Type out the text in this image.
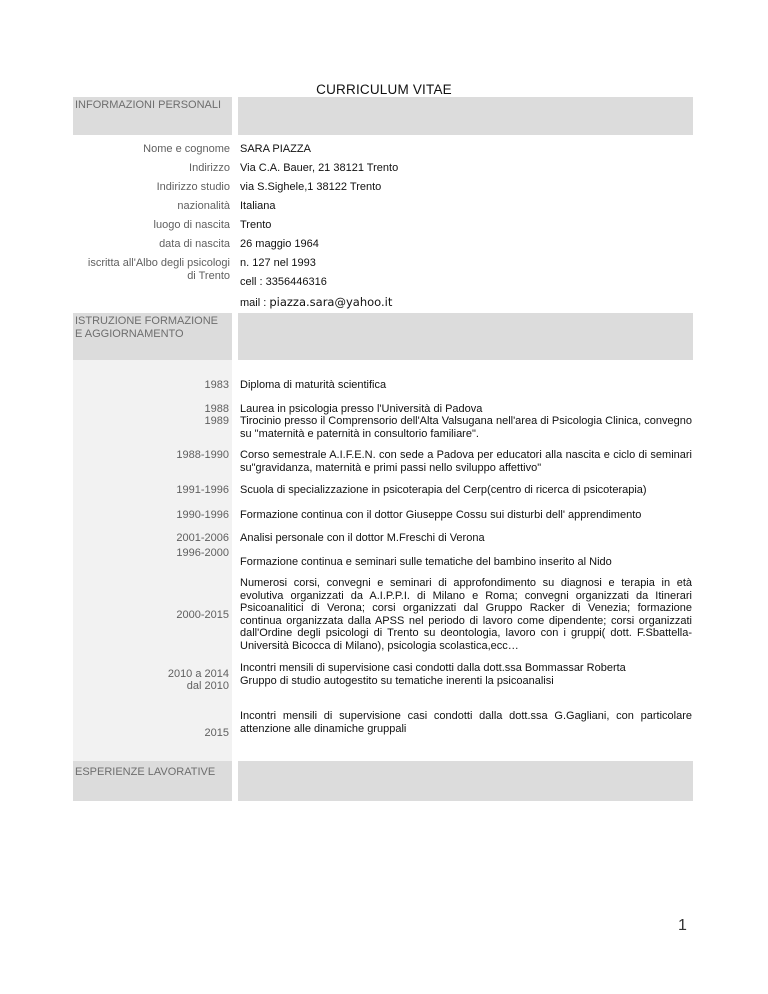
CURRICULUM VITAE
INFORMAZIONI PERSONALI
Nome e cognome SARA PIAZZA
Indirizzo Via C.A. Bauer, 21 38121 Trento
Indirizzo studio via S.Sighele,1 38122 Trento
nazionalità Italiana
luogo di nascita Trento
data di nascita 26 maggio 1964
iscritta all'Albo degli psicologi
di Trento
n. 127 nel 1993
cell : 3356446316
mail : piazza.sara@yahoo.it
ISTRUZIONE FORMAZIONE E AGGIORNAMENTO
1983 Diploma di maturità scientifica
1988 Laurea in psicologia presso l'Università di Padova
1989 Tirocinio presso il Comprensorio dell'Alta Valsugana nell'area di Psicologia Clinica, convegno su "maternità e paternità in consultorio familiare".
1988-1990 Corso semestrale A.I.F.E.N. con sede a Padova per educatori alla nascita e ciclo di seminari su"gravidanza, maternità e primi passi nello sviluppo affettivo"
1991-1996 Scuola di specializzazione in psicoterapia del Cerp(centro di ricerca di psicoterapia)
1990-1996 Formazione continua con il dottor Giuseppe Cossu sui disturbi dell' apprendimento
2001-2006 Analisi personale con il dottor M.Freschi di Verona
1996-2000
Formazione continua e seminari sulle tematiche del bambino inserito al Nido
2000-2015
Numerosi corsi, convegni e seminari di approfondimento su diagnosi e terapia in età evolutiva organizzati da A.I.P.P.I. di Milano e Roma; convegni organizzati da Itinerari Psicoanalitici di Verona; corsi organizzati dal Gruppo Racker di Venezia; formazione continua organizzata dalla APSS nel periodo di lavoro come dipendente; corsi organizzati dall'Ordine degli psicologi di Trento su deontologia, lavoro con i gruppi( dott. F.Sbattella-Università Bicocca di Milano), psicologia scolastica,ecc…
2010 a 2014 Incontri mensili di supervisione casi condotti dalla dott.ssa Bommassar Roberta
dal 2010 Gruppo di studio autogestito su tematiche inerenti la psicoanalisi
2015
Incontri mensili di supervisione casi condotti dalla dott.ssa G.Gagliani, con particolare attenzione alle dinamiche gruppali
ESPERIENZE LAVORATIVE
1
